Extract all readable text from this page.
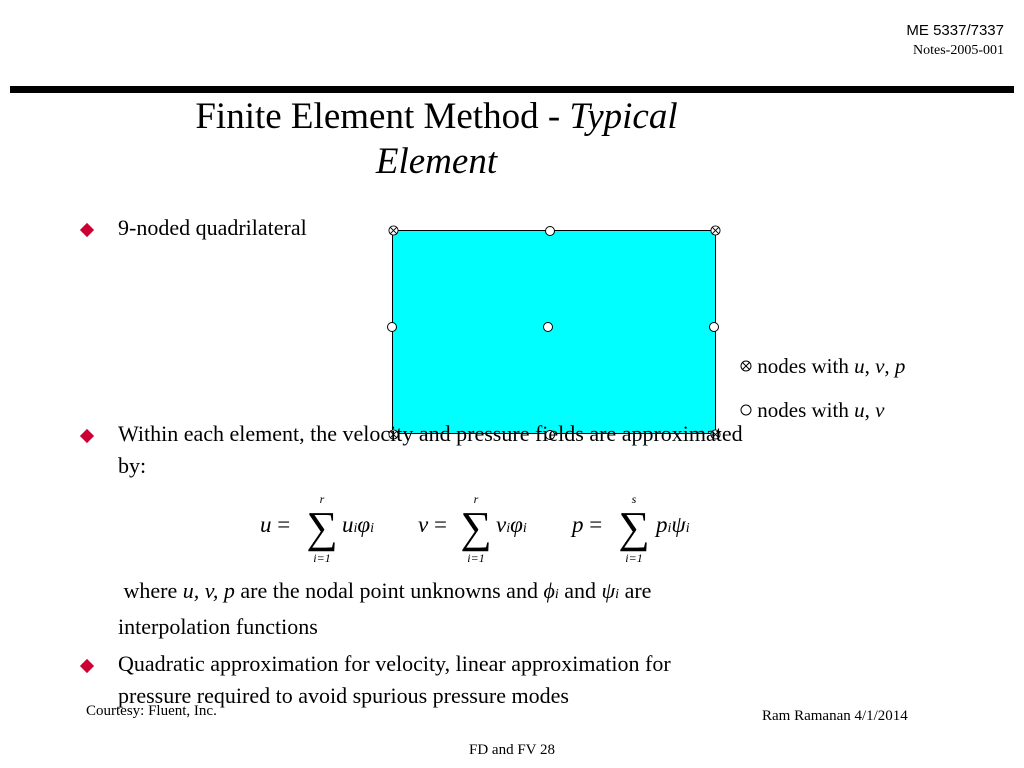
ME 5337/7337
Notes-2005-001
Finite Element Method - Typical
Element
9-noded quadrilateral
nodes with u, v, p
nodes with u, v
Within each element, the velocity and pressure fields are approximated
by:
u =
r
∑
i=1
uiφi v =
r
∑
i=1
viφi p =
s
∑
i=1
piψi
where u, v, p are the nodal point unknowns and ϕi and ψi are
interpolation functions
Quadratic approximation for velocity, linear approximation for
pressure required to avoid spurious pressure modes
Courtesy: Fluent, Inc.	Ram Ramanan 4/1/2014
FD and FV 28
